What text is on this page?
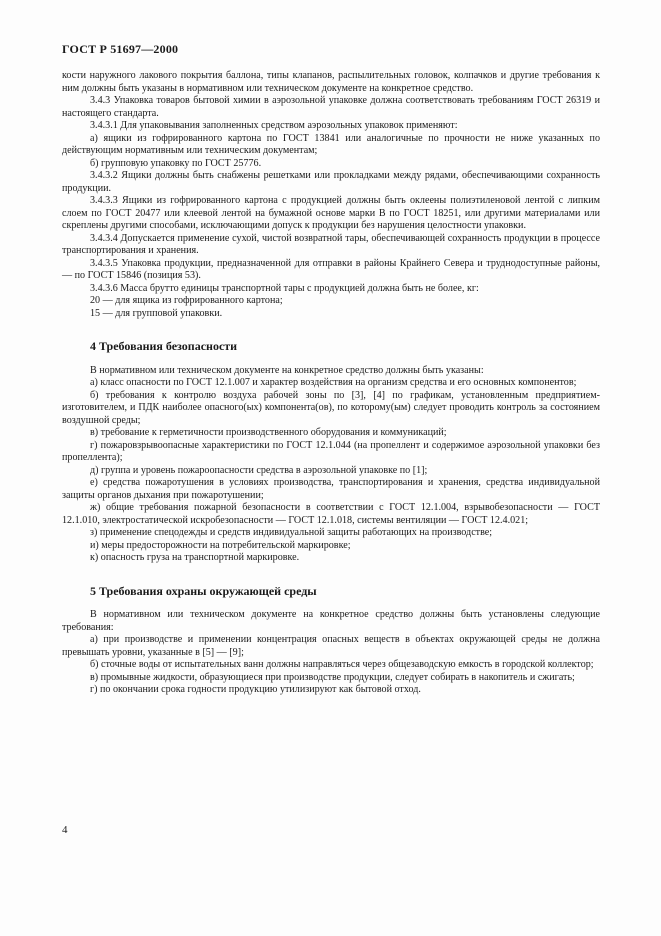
ГОСТ Р 51697—2000

кости наружного лакового покрытия баллона, типы клапанов, распылительных головок, колпачков и другие требования к ним должны быть указаны в нормативном или техническом документе на конкретное средство.

3.4.3 Упаковка товаров бытовой химии в аэрозольной упаковке должна соответствовать требованиям ГОСТ 26319 и настоящего стандарта.

3.4.3.1 Для упаковывания заполненных средством аэрозольных упаковок применяют:

а) ящики из гофрированного картона по ГОСТ 13841 или аналогичные по прочности не ниже указанных по действующим нормативным или техническим документам;

б) групповую упаковку по ГОСТ 25776.

3.4.3.2 Ящики должны быть снабжены решетками или прокладками между рядами, обеспечивающими сохранность продукции.

3.4.3.3 Ящики из гофрированного картона с продукцией должны быть оклеены полиэтиленовой лентой с липким слоем по ГОСТ 20477 или клеевой лентой на бумажной основе марки В по ГОСТ 18251, или другими материалами или скреплены другими способами, исключающими допуск к продукции без нарушения целостности упаковки.

3.4.3.4 Допускается применение сухой, чистой возвратной тары, обеспечивающей сохранность продукции в процессе транспортирования и хранения.

3.4.3.5 Упаковка продукции, предназначенной для отправки в районы Крайнего Севера и труднодоступные районы, — по ГОСТ 15846 (позиция 53).

3.4.3.6 Масса брутто единицы транспортной тары с продукцией должна быть не более, кг:

20 — для ящика из гофрированного картона;

15 — для групповой упаковки.

4 Требования безопасности

В нормативном или техническом документе на конкретное средство должны быть указаны:

а) класс опасности по ГОСТ 12.1.007 и характер воздействия на организм средства и его основных компонентов;

б) требования к контролю воздуха рабочей зоны по [3], [4] по графикам, установленным предприятием-изготовителем, и ПДК наиболее опасного(ых) компонента(ов), по которому(ым) следует проводить контроль за состоянием воздушной среды;

в) требование к герметичности производственного оборудования и коммуникаций;

г) пожаровзрывоопасные характеристики по ГОСТ 12.1.044 (на пропеллент и содержимое аэрозольной упаковки без пропеллента);

д) группа и уровень пожароопасности средства в аэрозольной упаковке по [1];

е) средства пожаротушения в условиях производства, транспортирования и хранения, средства индивидуальной защиты органов дыхания при пожаротушении;

ж) общие требования пожарной безопасности в соответствии с ГОСТ 12.1.004, взрывобезопасности — ГОСТ 12.1.010, электростатической искробезопасности — ГОСТ 12.1.018, системы вентиляции — ГОСТ 12.4.021;

з) применение спецодежды и средств индивидуальной защиты работающих на производстве;

и) меры предосторожности на потребительской маркировке;

к) опасность груза на транспортной маркировке.

5 Требования охраны окружающей среды

В нормативном или техническом документе на конкретное средство должны быть установлены следующие требования:

а) при производстве и применении концентрация опасных веществ в объектах окружающей среды не должна превышать уровни, указанные в [5] — [9];

б) сточные воды от испытательных ванн должны направляться через общезаводскую емкость в городской коллектор;

в) промывные жидкости, образующиеся при производстве продукции, следует собирать в накопитель и сжигать;

г) по окончании срока годности продукцию утилизируют как бытовой отход.

4
